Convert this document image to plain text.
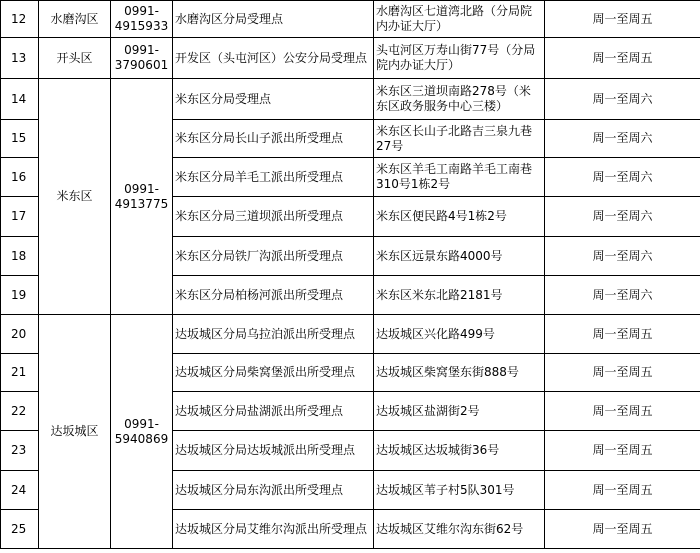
12	水磨沟区	0991-4915933	水磨沟区分局受理点	水磨沟区七道湾北路（分局院内办证大厅）	周一至周五
13	开头区	0991-3790601	开发区（头屯河区）公安分局受理点	头屯河区万寿山街77号（分局院内办证大厅）	周一至周五
14	米东区	0991-4913775	米东区分局受理点	米东区三道坝南路278号（米东区政务服务中心三楼）	周一至周六
15			米东区分局长山子派出所受理点	米东区长山子北路吉三泉九巷27号	周一至周六
16			米东区分局羊毛工派出所受理点	米东区羊毛工南路羊毛工南巷310号1栋2号	周一至周六
17			米东区分局三道坝派出所受理点	米东区便民路4号1栋2号	周一至周六
18			米东区分局铁厂沟派出所受理点	米东区远景东路4000号	周一至周六
19			米东区分局柏杨河派出所受理点	米东区米东北路2181号	周一至周六
20	达坂城区	0991-5940869	达坂城区分局乌拉泊派出所受理点	达坂城区兴化路499号	周一至周五
21			达坂城区分局柴窝堡派出所受理点	达坂城区柴窝堡东街888号	周一至周五
22			达坂城区分局盐湖派出所受理点	达坂城区盐湖街2号	周一至周五
23			达坂城区分局达坂城派出所受理点	达坂城区达坂城街36号	周一至周五
24			达坂城区分局东沟派出所受理点	达坂城区苇子村5队301号	周一至周五
25			达坂城区分局艾维尔沟派出所受理点	达坂城区艾维尔沟东街62号	周一至周五
